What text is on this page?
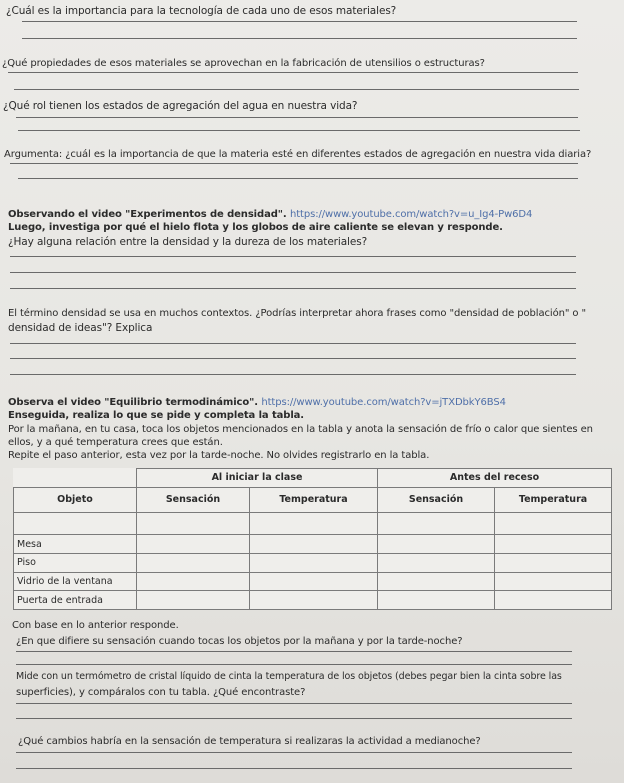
¿Cuál es la importancia para la tecnología de cada uno de esos materiales?
¿Qué propiedades de esos materiales se aprovechan en la fabricación de utensilios o estructuras?
¿Qué rol tienen los estados de agregación del agua en nuestra vida?
Argumenta: ¿cuál es la importancia de que la materia esté en diferentes estados de agregación en nuestra vida diaria?
Observando el video "Experimentos de densidad". https://www.youtube.com/watch?v=u_Ig4-Pw6D4
Luego, investiga por qué el hielo flota y los globos de aire caliente se elevan y responde.
¿Hay alguna relación entre la densidad y la dureza de los materiales?
El término densidad se usa en muchos contextos. ¿Podrías interpretar ahora frases como "densidad de población" o "
densidad de ideas"? Explica
Observa el video "Equilibrio termodinámico". https://www.youtube.com/watch?v=jTXDbkY6BS4
Enseguida, realiza lo que se pide y completa la tabla.
Por la mañana, en tu casa, toca los objetos mencionados en la tabla y anota la sensación de frío o calor que sientes en
ellos, y a qué temperatura crees que están.
Repite el paso anterior, esta vez por la tarde-noche. No olvides registrarlo en la tabla.
	Al iniciar la clase		Antes del receso	
Objeto	Sensación	Temperatura	Sensación	Temperatura

Mesa				
Piso				
Vidrio de la ventana				
Puerta de entrada				
Con base en lo anterior responde.
¿En que difiere su sensación cuando tocas los objetos por la mañana y por la tarde-noche?
Mide con un termómetro de cristal líquido de cinta la temperatura de los objetos (debes pegar bien la cinta sobre las
superficies), y compáralos con tu tabla. ¿Qué encontraste?
¿Qué cambios habría en la sensación de temperatura si realizaras la actividad a medianoche?
